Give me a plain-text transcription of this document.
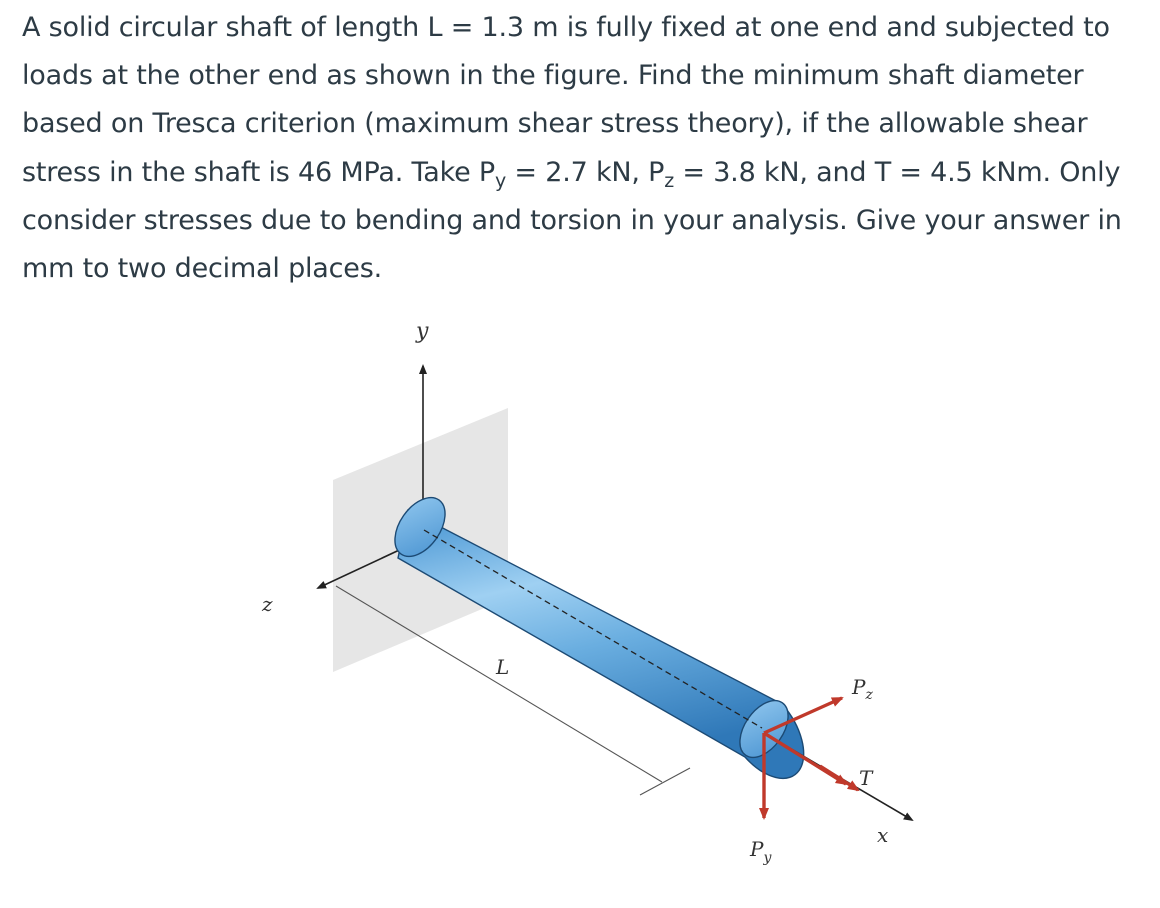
A solid circular shaft of length L = 1.3 m is fully fixed at one end and subjected to loads at the other end as shown in the figure. Find the minimum shaft diameter based on Tresca criterion (maximum shear stress theory), if the allowable shear stress in the shaft is 46 MPa. Take $P_y = 2.7$ kN, $P_z = 3.8$ kN, and T = 4.5 kNm. Only consider stresses due to bending and torsion in your analysis. Give your answer in mm to two decimal places.

y
z
L
$P_z$
T
x
$P_y$
